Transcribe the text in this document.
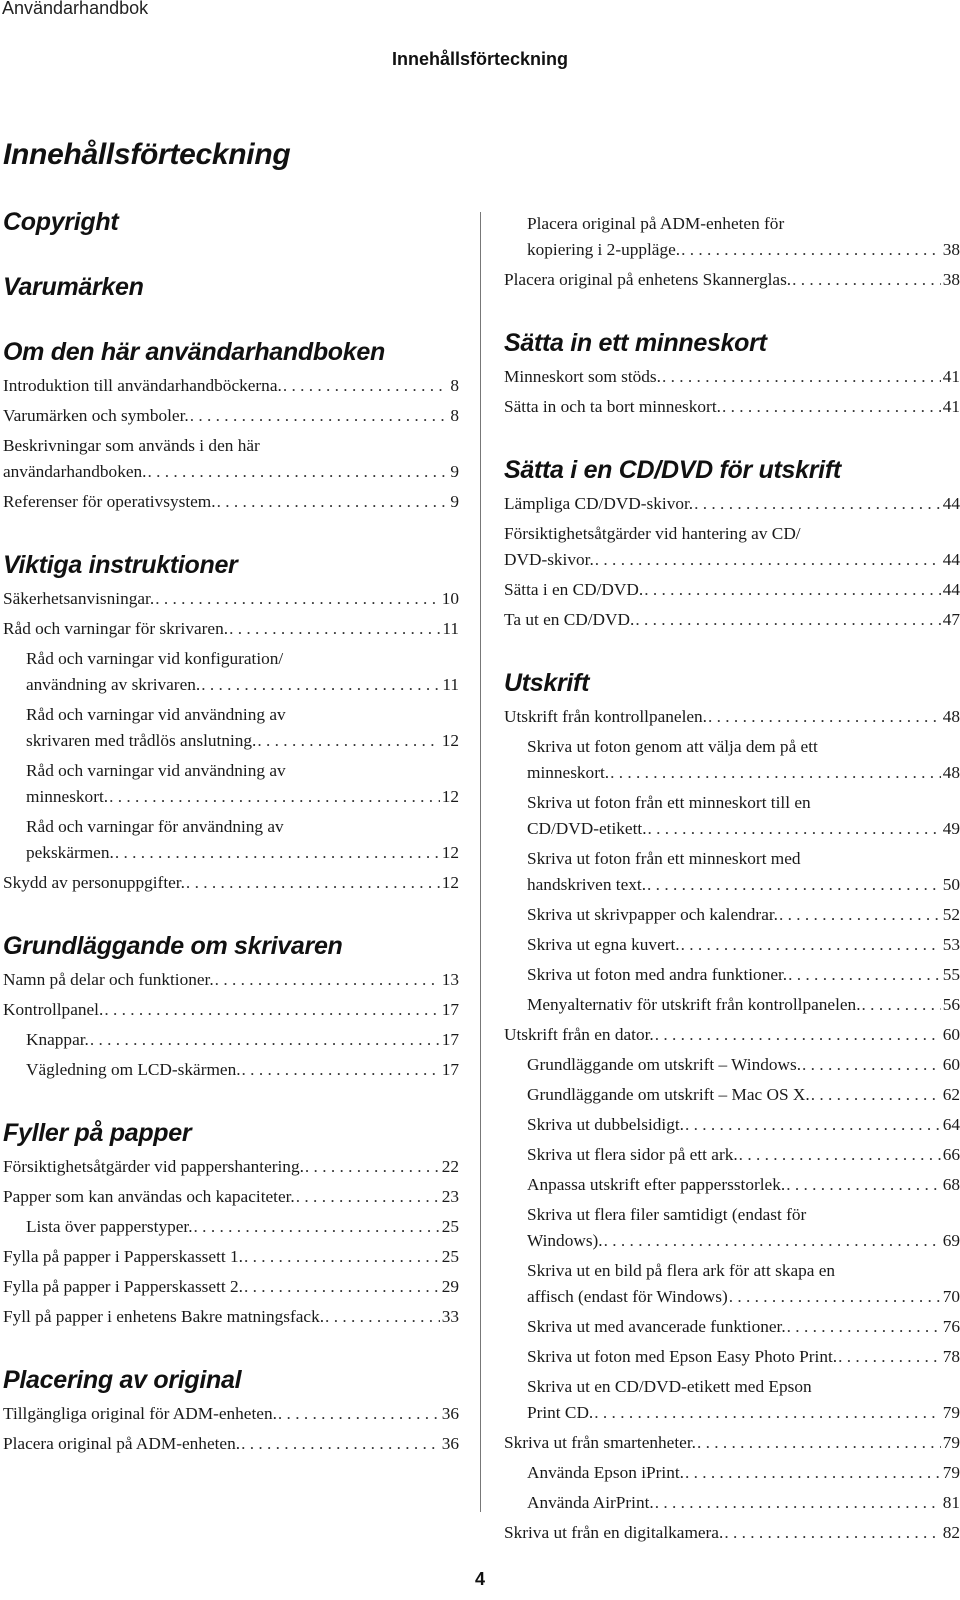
Användarhandbok
Innehållsförteckning
Innehållsförteckning
Copyright
Varumärken
Om den här användarhandboken
Introduktion till användarhandböckerna. . . .	8
Varumärken och symboler. . . .	8
Beskrivningar som används i den här
användarhandboken. . . .	9
Referenser för operativsystem. . . .	9
Viktiga instruktioner
Säkerhetsanvisningar. . . .	10
Råd och varningar för skrivaren. . . .	11
Råd och varningar vid konfiguration/
användning av skrivaren. . . .	11
Råd och varningar vid användning av
skrivaren med trådlös anslutning. . . .	12
Råd och varningar vid användning av
minneskort. . . .	12
Råd och varningar för användning av
pekskärmen. . . .	12
Skydd av personuppgifter. . . .	12
Grundläggande om skrivaren
Namn på delar och funktioner. . . .	13
Kontrollpanel. . . .	17
Knappar. . . .	17
Vägledning om LCD-skärmen. . . .	17
Fyller på papper
Försiktighetsåtgärder vid pappershantering. . . .	22
Papper som kan användas och kapaciteter. . . .	23
Lista över papperstyper. . . .	25
Fylla på papper i Papperskassett 1. . . .	25
Fylla på papper i Papperskassett 2. . . .	29
Fyll på papper i enhetens Bakre matningsfack. . . .	33
Placering av original
Tillgängliga original för ADM-enheten. . . .	36
Placera original på ADM-enheten. . . .	36
Placera original på ADM-enheten för
kopiering i 2-uppläge. . . .	38
Placera original på enhetens Skannerglas. . . .	38
Sätta in ett minneskort
Minneskort som stöds. . . .	41
Sätta in och ta bort minneskort. . . .	41
Sätta i en CD/DVD för utskrift
Lämpliga CD/DVD-skivor. . . .	44
Försiktighetsåtgärder vid hantering av CD/
DVD-skivor. . . .	44
Sätta i en CD/DVD. . . .	44
Ta ut en CD/DVD. . . .	47
Utskrift
Utskrift från kontrollpanelen. . . .	48
Skriva ut foton genom att välja dem på ett
minneskort. . . .	48
Skriva ut foton från ett minneskort till en
CD/DVD-etikett. . . .	49
Skriva ut foton från ett minneskort med
handskriven text. . . .	50
Skriva ut skrivpapper och kalendrar. . . .	52
Skriva ut egna kuvert. . . .	53
Skriva ut foton med andra funktioner. . . .	55
Menyalternativ för utskrift från kontrollpanelen. . . .	56
Utskrift från en dator. . . .	60
Grundläggande om utskrift – Windows. . . .	60
Grundläggande om utskrift – Mac OS X. . . .	62
Skriva ut dubbelsidigt. . . .	64
Skriva ut flera sidor på ett ark. . . .	66
Anpassa utskrift efter pappersstorlek. . . .	68
Skriva ut flera filer samtidigt (endast för
Windows). . . .	69
Skriva ut en bild på flera ark för att skapa en
affisch (endast för Windows) . . .	70
Skriva ut med avancerade funktioner. . . .	76
Skriva ut foton med Epson Easy Photo Print. . . .	78
Skriva ut en CD/DVD-etikett med Epson
Print CD. . . .	79
Skriva ut från smartenheter. . . .	79
Använda Epson iPrint. . . .	79
Använda AirPrint. . . .	81
Skriva ut från en digitalkamera. . . .	82
4
